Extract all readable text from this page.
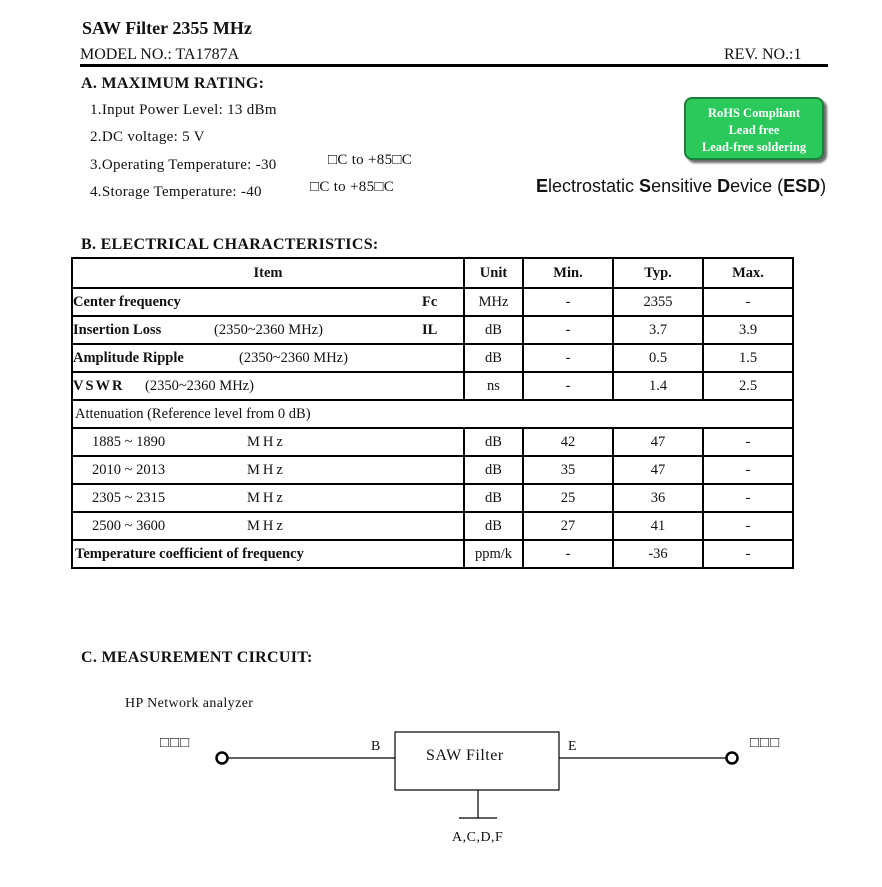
SAW Filter 2355 MHz
MODEL NO.: TA1787A	REV. NO.:1
A. MAXIMUM RATING:
1.Input Power Level: 13 dBm
2.DC voltage: 5 V
3.Operating Temperature: -30	□C to +85□C
4.Storage Temperature: -40	□C to +85□C
RoHS Compliant
Lead free
Lead-free soldering
Electrostatic Sensitive Device (ESD)
B. ELECTRICAL CHARACTERISTICS:
Item	Unit	Min.	Typ.	Max.

Center frequency Fc	MHz	-	2355	-

Insertion Loss (2350~2360 MHz) IL	dB	-	3.7	3.9

Amplitude Ripple (2350~2360 MHz)	dB	-	0.5	1.5

VSWR (2350~2360 MHz)	ns	-	1.4	2.5
Attenuation (Reference level from 0 dB)				

1885 ~ 1890 MHz	dB	42	47	-

2010 ~ 2013 MHz	dB	35	47	-

2305 ~ 2315 MHz	dB	25	36	-

2500 ~ 3600 MHz	dB	27	41	-

Temperature coefficient of frequency	ppm/k	-	-36	-
C. MEASUREMENT CIRCUIT:
HP Network analyzer
□□□	□□□
B	E
SAW Filter
A,C,D,F
